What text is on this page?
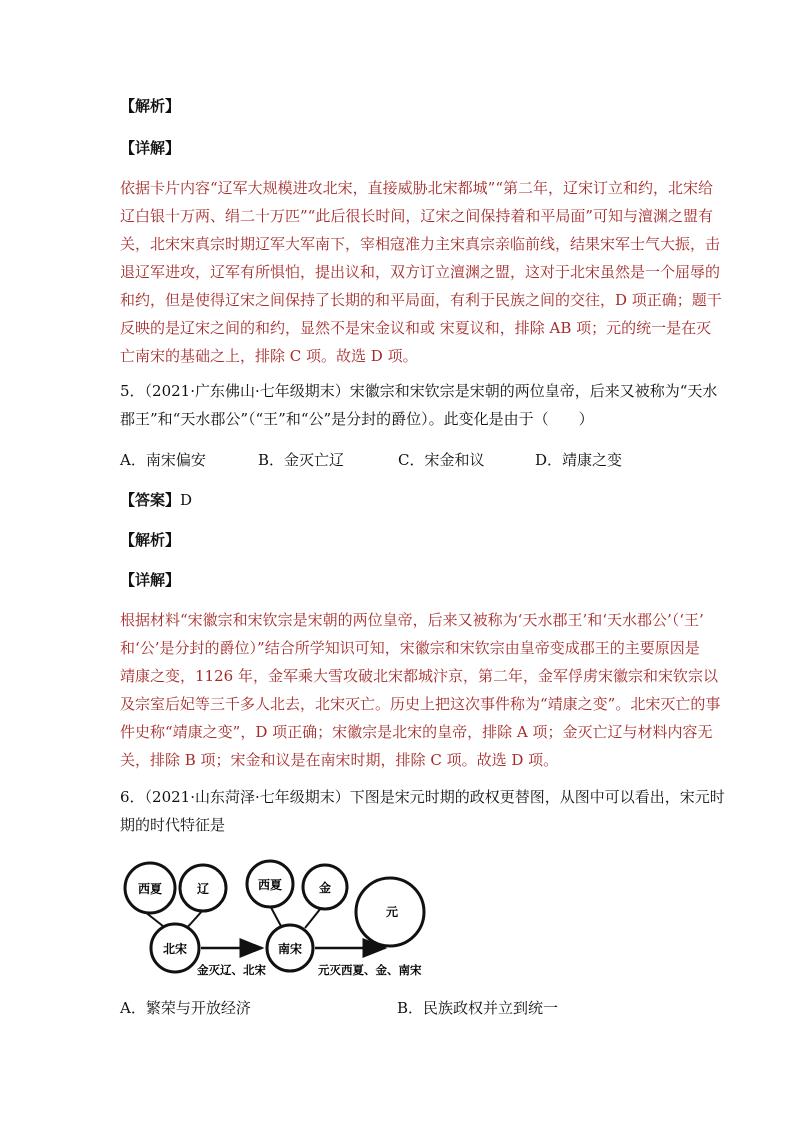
【解析】
【详解】
依据卡片内容“辽军大规模进攻北宋，直接威胁北宋都城”“第二年，辽宋订立和约，北宋给
辽白银十万两、绢二十万匹”“此后很长时间，辽宋之间保持着和平局面”可知与澶渊之盟有
关，北宋宋真宗时期辽军大军南下，宰相寇准力主宋真宗亲临前线，结果宋军士气大振，击
退辽军进攻，辽军有所惧怕，提出议和，双方订立澶渊之盟，这对于北宋虽然是一个屈辱的
和约，但是使得辽宋之间保持了长期的和平局面，有利于民族之间的交往，D 项正确；题干
反映的是辽宋之间的和约，显然不是宋金议和或 宋夏议和，排除 AB 项；元的统一是在灭
亡南宋的基础之上，排除 C 项。故选 D 项。
5．（2021·广东佛山·七年级期末）宋徽宗和宋钦宗是宋朝的两位皇帝，后来又被称为“天水
郡王”和“天水郡公”（“王”和“公”是分封的爵位）。此变化是由于（　　）
A．南宋偏安	B．金灭亡辽	C．宋金和议	D．靖康之变
【答案】D
【解析】
【详解】
根据材料“宋徽宗和宋钦宗是宋朝的两位皇帝，后来又被称为‘天水郡王’和‘天水郡公’（‘王’
和‘公’是分封的爵位）”结合所学知识可知，宋徽宗和宋钦宗由皇帝变成郡王的主要原因是
靖康之变，1126 年，金军乘大雪攻破北宋都城汴京，第二年，金军俘虏宋徽宗和宋钦宗以
及宗室后妃等三千多人北去，北宋灭亡。历史上把这次事件称为“靖康之变”。北宋灭亡的事
件史称“靖康之变”，D 项正确；宋徽宗是北宋的皇帝，排除 A 项；金灭亡辽与材料内容无
关，排除 B 项；宋金和议是在南宋时期，排除 C 项。故选 D 项。
6．（2021·山东菏泽·七年级期末）下图是宋元时期的政权更替图，从图中可以看出，宋元时
期的时代特征是
西夏	辽
北宋
西夏	金
南宋
元
金灭辽、北宋	元灭西夏、金、南宋
A．繁荣与开放经济	B．民族政权并立到统一
